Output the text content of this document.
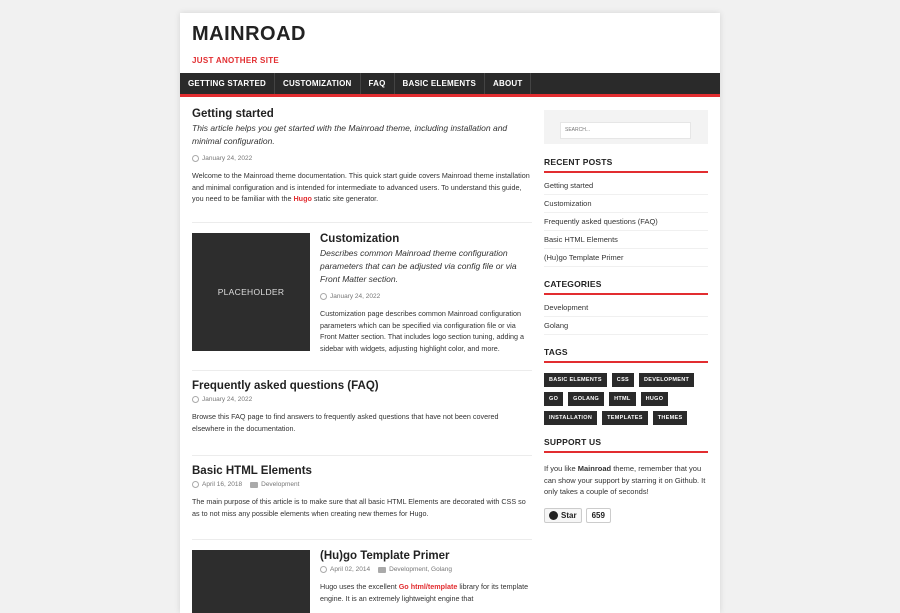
MAINROAD
JUST ANOTHER SITE
GETTING STARTED	CUSTOMIZATION	FAQ	BASIC ELEMENTS	ABOUT
Getting started
This article helps you get started with the Mainroad theme, including installation and minimal configuration.
January 24, 2022
Welcome to the Mainroad theme documentation. This quick start guide covers Mainroad theme installation and minimal configuration and is intended for intermediate to advanced users. To understand this guide, you need to be familiar with the Hugo static site generator.
PLACEHOLDER
Customization
Describes common Mainroad theme configuration parameters that can be adjusted via config file or via Front Matter section.
January 24, 2022
Customization page describes common Mainroad configuration parameters which can be specified via configuration file or via Front Matter section. That includes logo section tuning, adding a sidebar with widgets, adjusting highlight color, and more.
Frequently asked questions (FAQ)
January 24, 2022
Browse this FAQ page to find answers to frequently asked questions that have not been covered elsewhere in the documentation.
Basic HTML Elements
April 16, 2018	Development
The main purpose of this article is to make sure that all basic HTML Elements are decorated with CSS so as to not miss any possible elements when creating new themes for Hugo.
(Hu)go Template Primer
April 02, 2014	Development, Golang
Hugo uses the excellent Go html/template library for its template engine. It is an extremely lightweight engine that
SEARCH...
RECENT POSTS
Getting started
Customization
Frequently asked questions (FAQ)
Basic HTML Elements
(Hu)go Template Primer
CATEGORIES
Development
Golang
TAGS
BASIC ELEMENTS	CSS	DEVELOPMENT
GO	GOLANG	HTML	HUGO
INSTALLATION	TEMPLATES	THEMES
SUPPORT US
If you like Mainroad theme, remember that you can show your support by starring it on Github. It only takes a couple of seconds!
Star	659
